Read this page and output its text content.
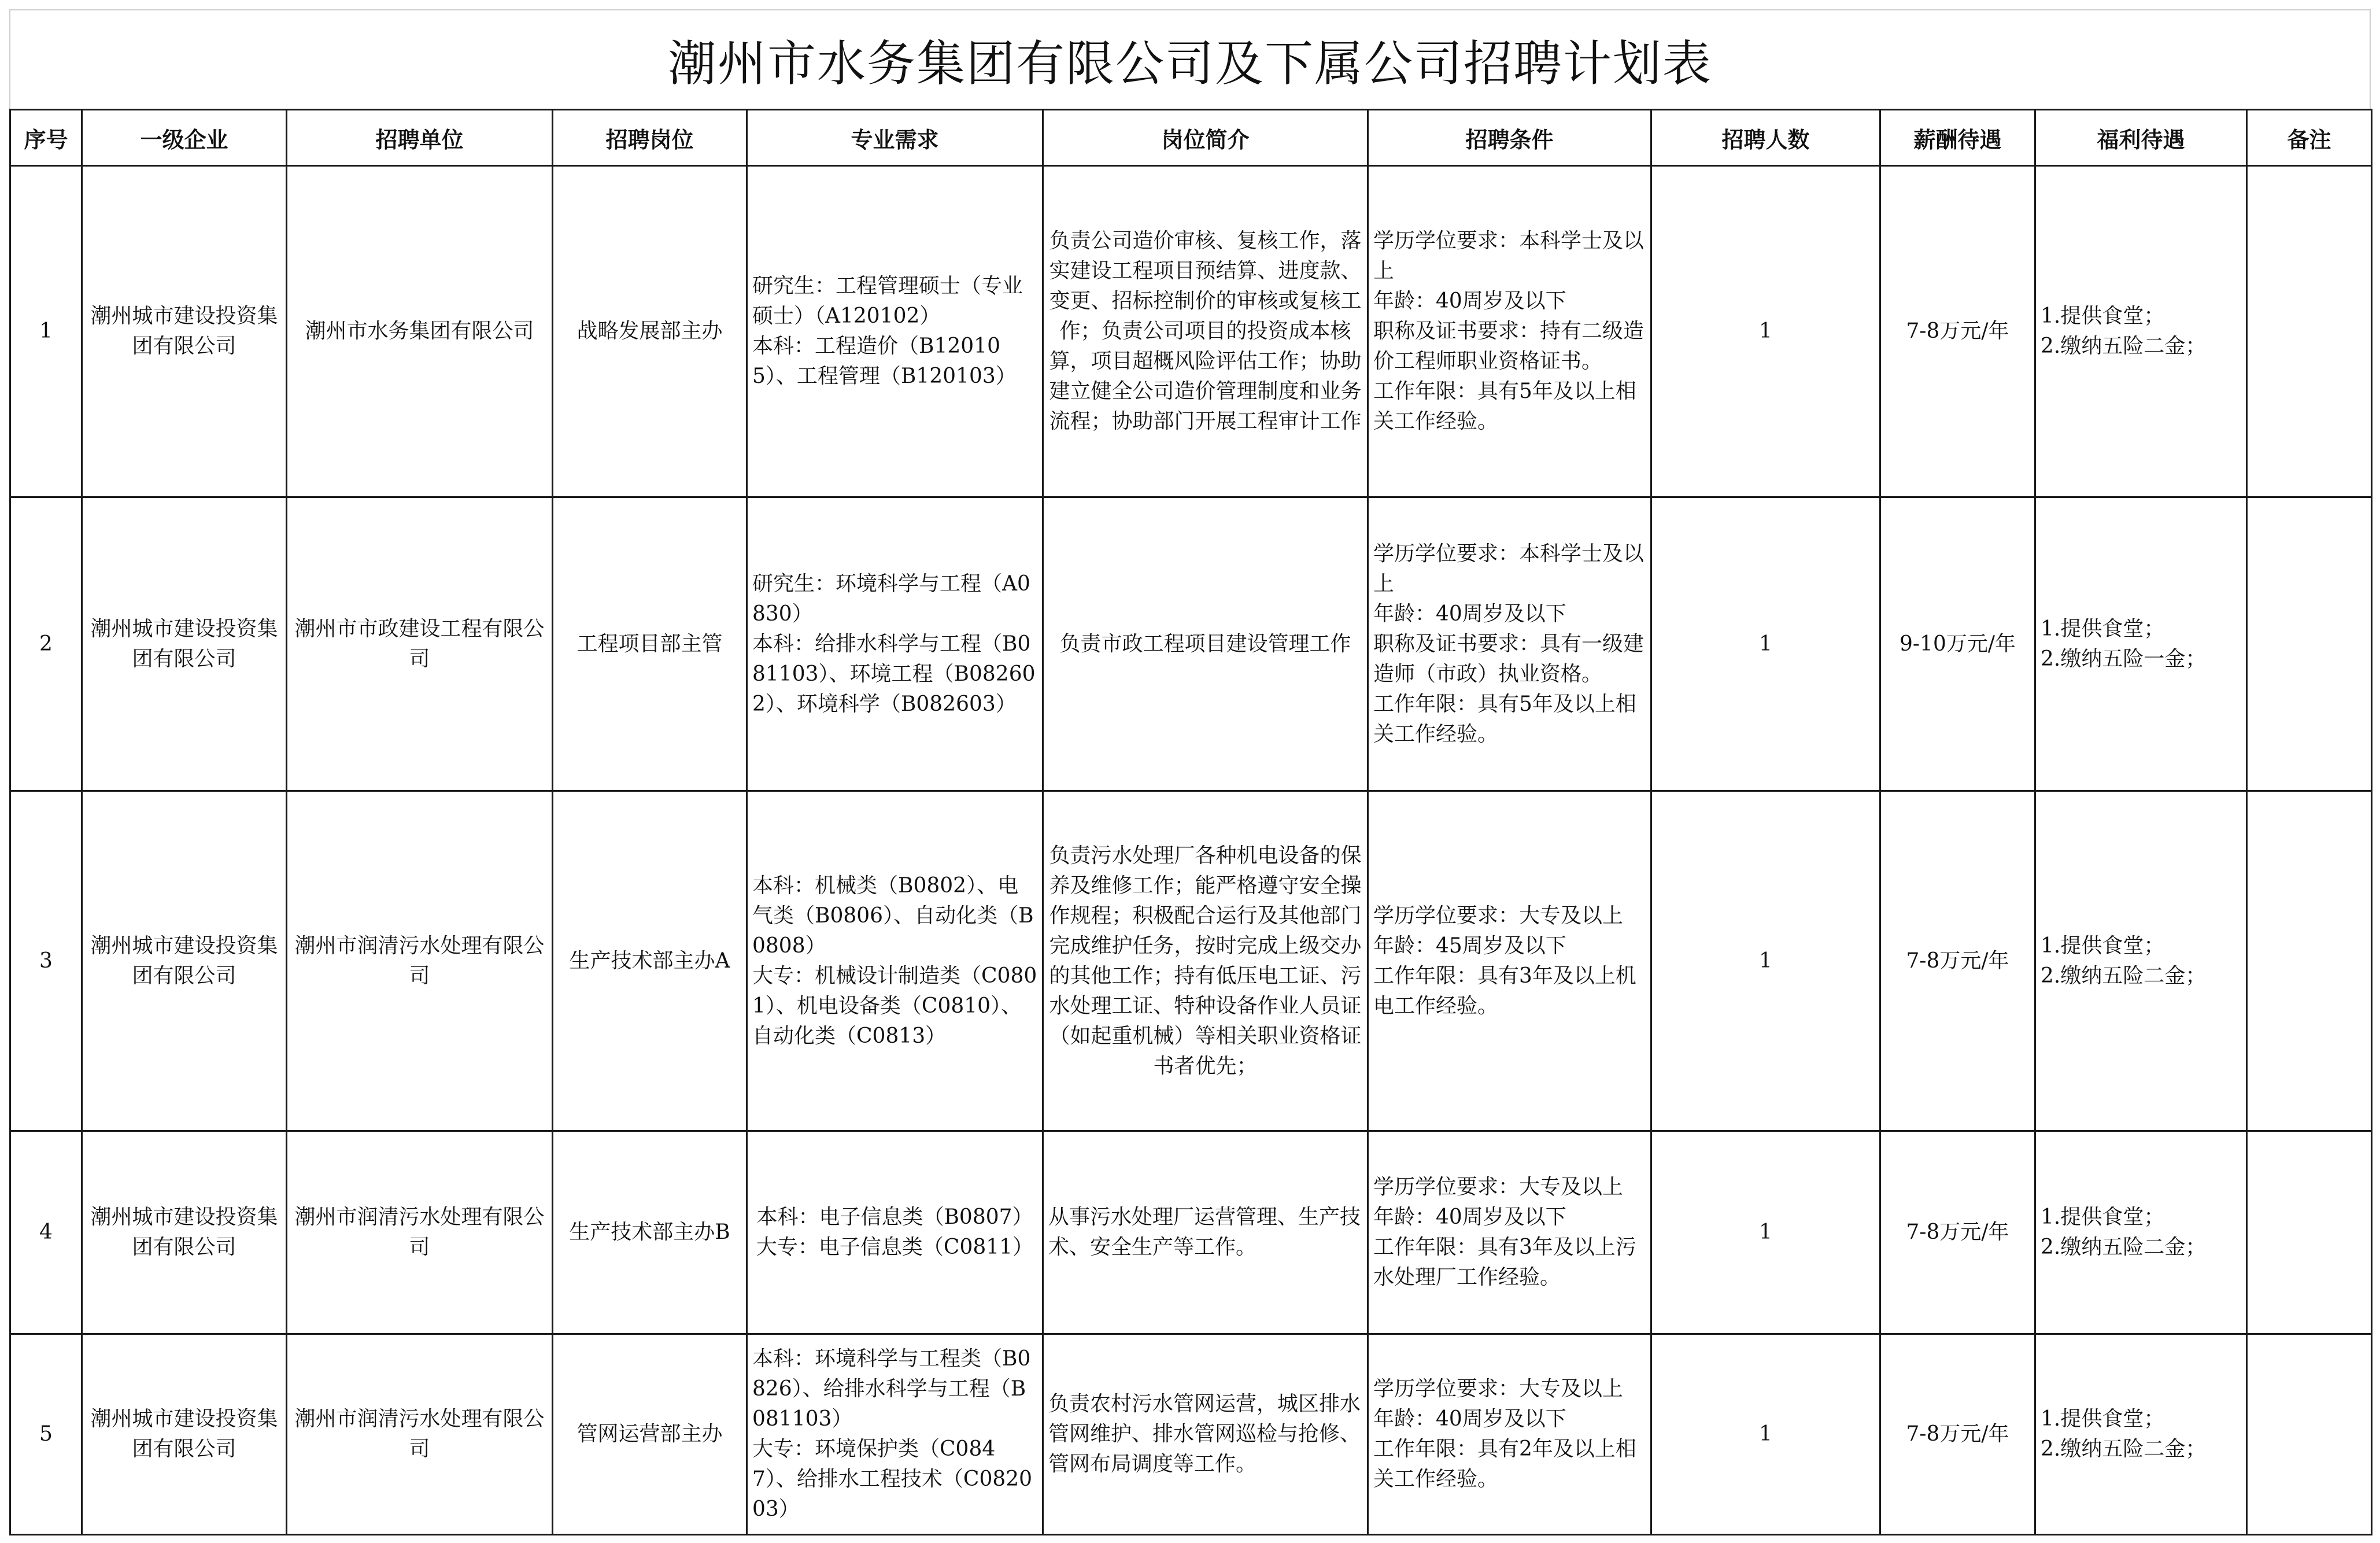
潮州市水务集团有限公司及下属公司招聘计划表
序号	一级企业	招聘单位	招聘岗位	专业需求	岗位简介	招聘条件	招聘人数	薪酬待遇	福利待遇	备注
1	潮州城市建设投资集团有限公司	潮州市水务集团有限公司	战略发展部主办	研究生：工程管理硕士（专业硕士）（A120102）
本科：工程造价（B120105）、工程管理（B120103）	负责公司造价审核、复核工作，落实建设工程项目预结算、进度款、变更、招标控制价的审核或复核工作；负责公司项目的投资成本核算，项目超概风险评估工作；协助建立健全公司造价管理制度和业务流程；协助部门开展工程审计工作	学历学位要求：本科学士及以上
年龄：40周岁及以下
职称及证书要求：持有二级造价工程师职业资格证书。
工作年限：具有5年及以上相关工作经验。	1	7-8万元/年	1.提供食堂；
2.缴纳五险二金；	
2	潮州城市建设投资集团有限公司	潮州市市政建设工程有限公司	工程项目部主管	研究生：环境科学与工程（A0830）
本科：给排水科学与工程（B081103）、环境工程（B082602）、环境科学（B082603）	负责市政工程项目建设管理工作	学历学位要求：本科学士及以上
年龄：40周岁及以下
职称及证书要求：具有一级建造师（市政）执业资格。
工作年限：具有5年及以上相关工作经验。	1	9-10万元/年	1.提供食堂；
2.缴纳五险一金；	
3	潮州城市建设投资集团有限公司	潮州市润清污水处理有限公司	生产技术部主办A	本科：机械类（B0802）、电气类（B0806）、自动化类（B0808）
大专：机械设计制造类（C0801）、机电设备类（C0810）、自动化类（C0813）	负责污水处理厂各种机电设备的保养及维修工作；能严格遵守安全操作规程；积极配合运行及其他部门完成维护任务，按时完成上级交办的其他工作；持有低压电工证、污水处理工证、特种设备作业人员证（如起重机械）等相关职业资格证书者优先；	学历学位要求：大专及以上
年龄：45周岁及以下
工作年限：具有3年及以上机电工作经验。	1	7-8万元/年	1.提供食堂；
2.缴纳五险二金；	
4	潮州城市建设投资集团有限公司	潮州市润清污水处理有限公司	生产技术部主办B	本科：电子信息类（B0807）
大专：电子信息类（C0811）	从事污水处理厂运营管理、生产技术、安全生产等工作。	学历学位要求：大专及以上
年龄：40周岁及以下
工作年限：具有3年及以上污水处理厂工作经验。	1	7-8万元/年	1.提供食堂；
2.缴纳五险二金；	
5	潮州城市建设投资集团有限公司	潮州市润清污水处理有限公司	管网运营部主办	本科：环境科学与工程类（B0826）、给排水科学与工程（B081103）
大专：环境保护类（C0847）、给排水工程技术（C082003）	负责农村污水管网运营，城区排水管网维护、排水管网巡检与抢修、管网布局调度等工作。	学历学位要求：大专及以上
年龄：40周岁及以下
工作年限：具有2年及以上相关工作经验。	1	7-8万元/年	1.提供食堂；
2.缴纳五险二金；	
